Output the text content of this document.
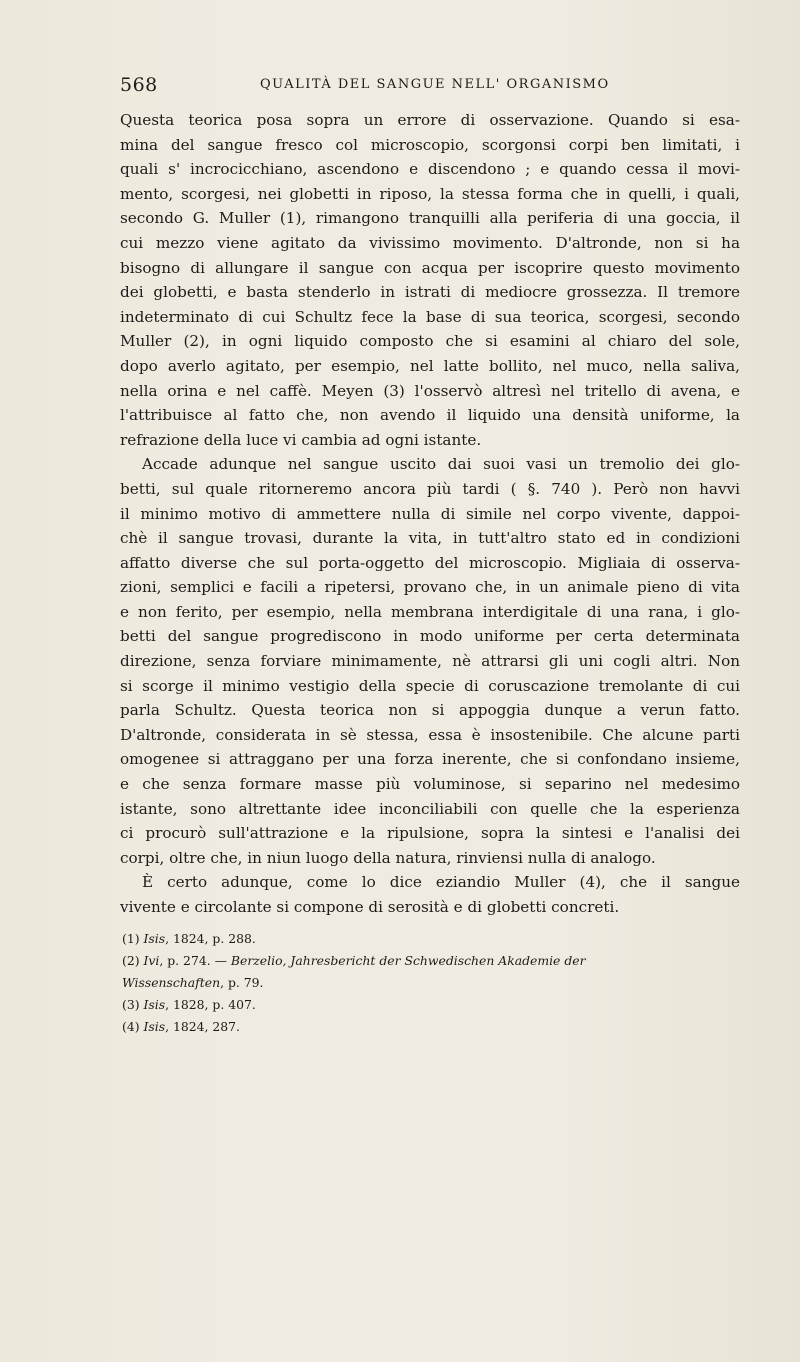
568	QUALITÀ DEL SANGUE NELL' ORGANISMO
Questa teorica posa sopra un errore di osservazione. Quando si esa-
mina del sangue fresco col microscopio, scorgonsi corpi ben limitati, i
quali s' incrocicchiano, ascendono e discendono ; e quando cessa il movi-
mento, scorgesi, nei globetti in riposo, la stessa forma che in quelli, i quali,
secondo G. Muller (1), rimangono tranquilli alla periferia di una goccia, il
cui mezzo viene agitato da vivissimo movimento. D'altronde, non si ha
bisogno di allungare il sangue con acqua per iscoprire questo movimento
dei globetti, e basta stenderlo in istrati di mediocre grossezza. Il tremore
indeterminato di cui Schultz fece la base di sua teorica, scorgesi, secondo
Muller (2), in ogni liquido composto che si esamini al chiaro del sole,
dopo averlo agitato, per esempio, nel latte bollito, nel muco, nella saliva,
nella orina e nel caffè. Meyen (3) l'osservò altresì nel tritello di avena, e
l'attribuisce al fatto che, non avendo il liquido una densità uniforme, la
refrazione della luce vi cambia ad ogni istante.
Accade adunque nel sangue uscito dai suoi vasi un tremolio dei glo-
betti, sul quale ritorneremo ancora più tardi ( §. 740 ). Però non havvi
il minimo motivo di ammettere nulla di simile nel corpo vivente, dappoi-
chè il sangue trovasi, durante la vita, in tutt'altro stato ed in condizioni
affatto diverse che sul porta-oggetto del microscopio. Migliaia di osserva-
zioni, semplici e facili a ripetersi, provano che, in un animale pieno di vita
e non ferito, per esempio, nella membrana interdigitale di una rana, i glo-
betti del sangue progrediscono in modo uniforme per certa determinata
direzione, senza forviare minimamente, nè attrarsi gli uni cogli altri. Non
si scorge il minimo vestigio della specie di coruscazione tremolante di cui
parla Schultz. Questa teorica non si appoggia dunque a verun fatto.
D'altronde, considerata in sè stessa, essa è insostenibile. Che alcune parti
omogenee si attraggano per una forza inerente, che si confondano insieme,
e che senza formare masse più voluminose, si separino nel medesimo
istante, sono altrettante idee inconciliabili con quelle che la esperienza
ci procurò sull'attrazione e la ripulsione, sopra la sintesi e l'analisi dei
corpi, oltre che, in niun luogo della natura, rinviensi nulla di analogo.
È certo adunque, come lo dice eziandio Muller (4), che il sangue
vivente e circolante si compone di serosità e di globetti concreti.
(1) Isis, 1824, p. 288.
(2) Ivi, p. 274. — Berzelio, Jahresbericht der Schwedischen Akademie der
Wissenschaften, p. 79.
(3) Isis, 1828, p. 407.
(4) Isis, 1824, 287.
